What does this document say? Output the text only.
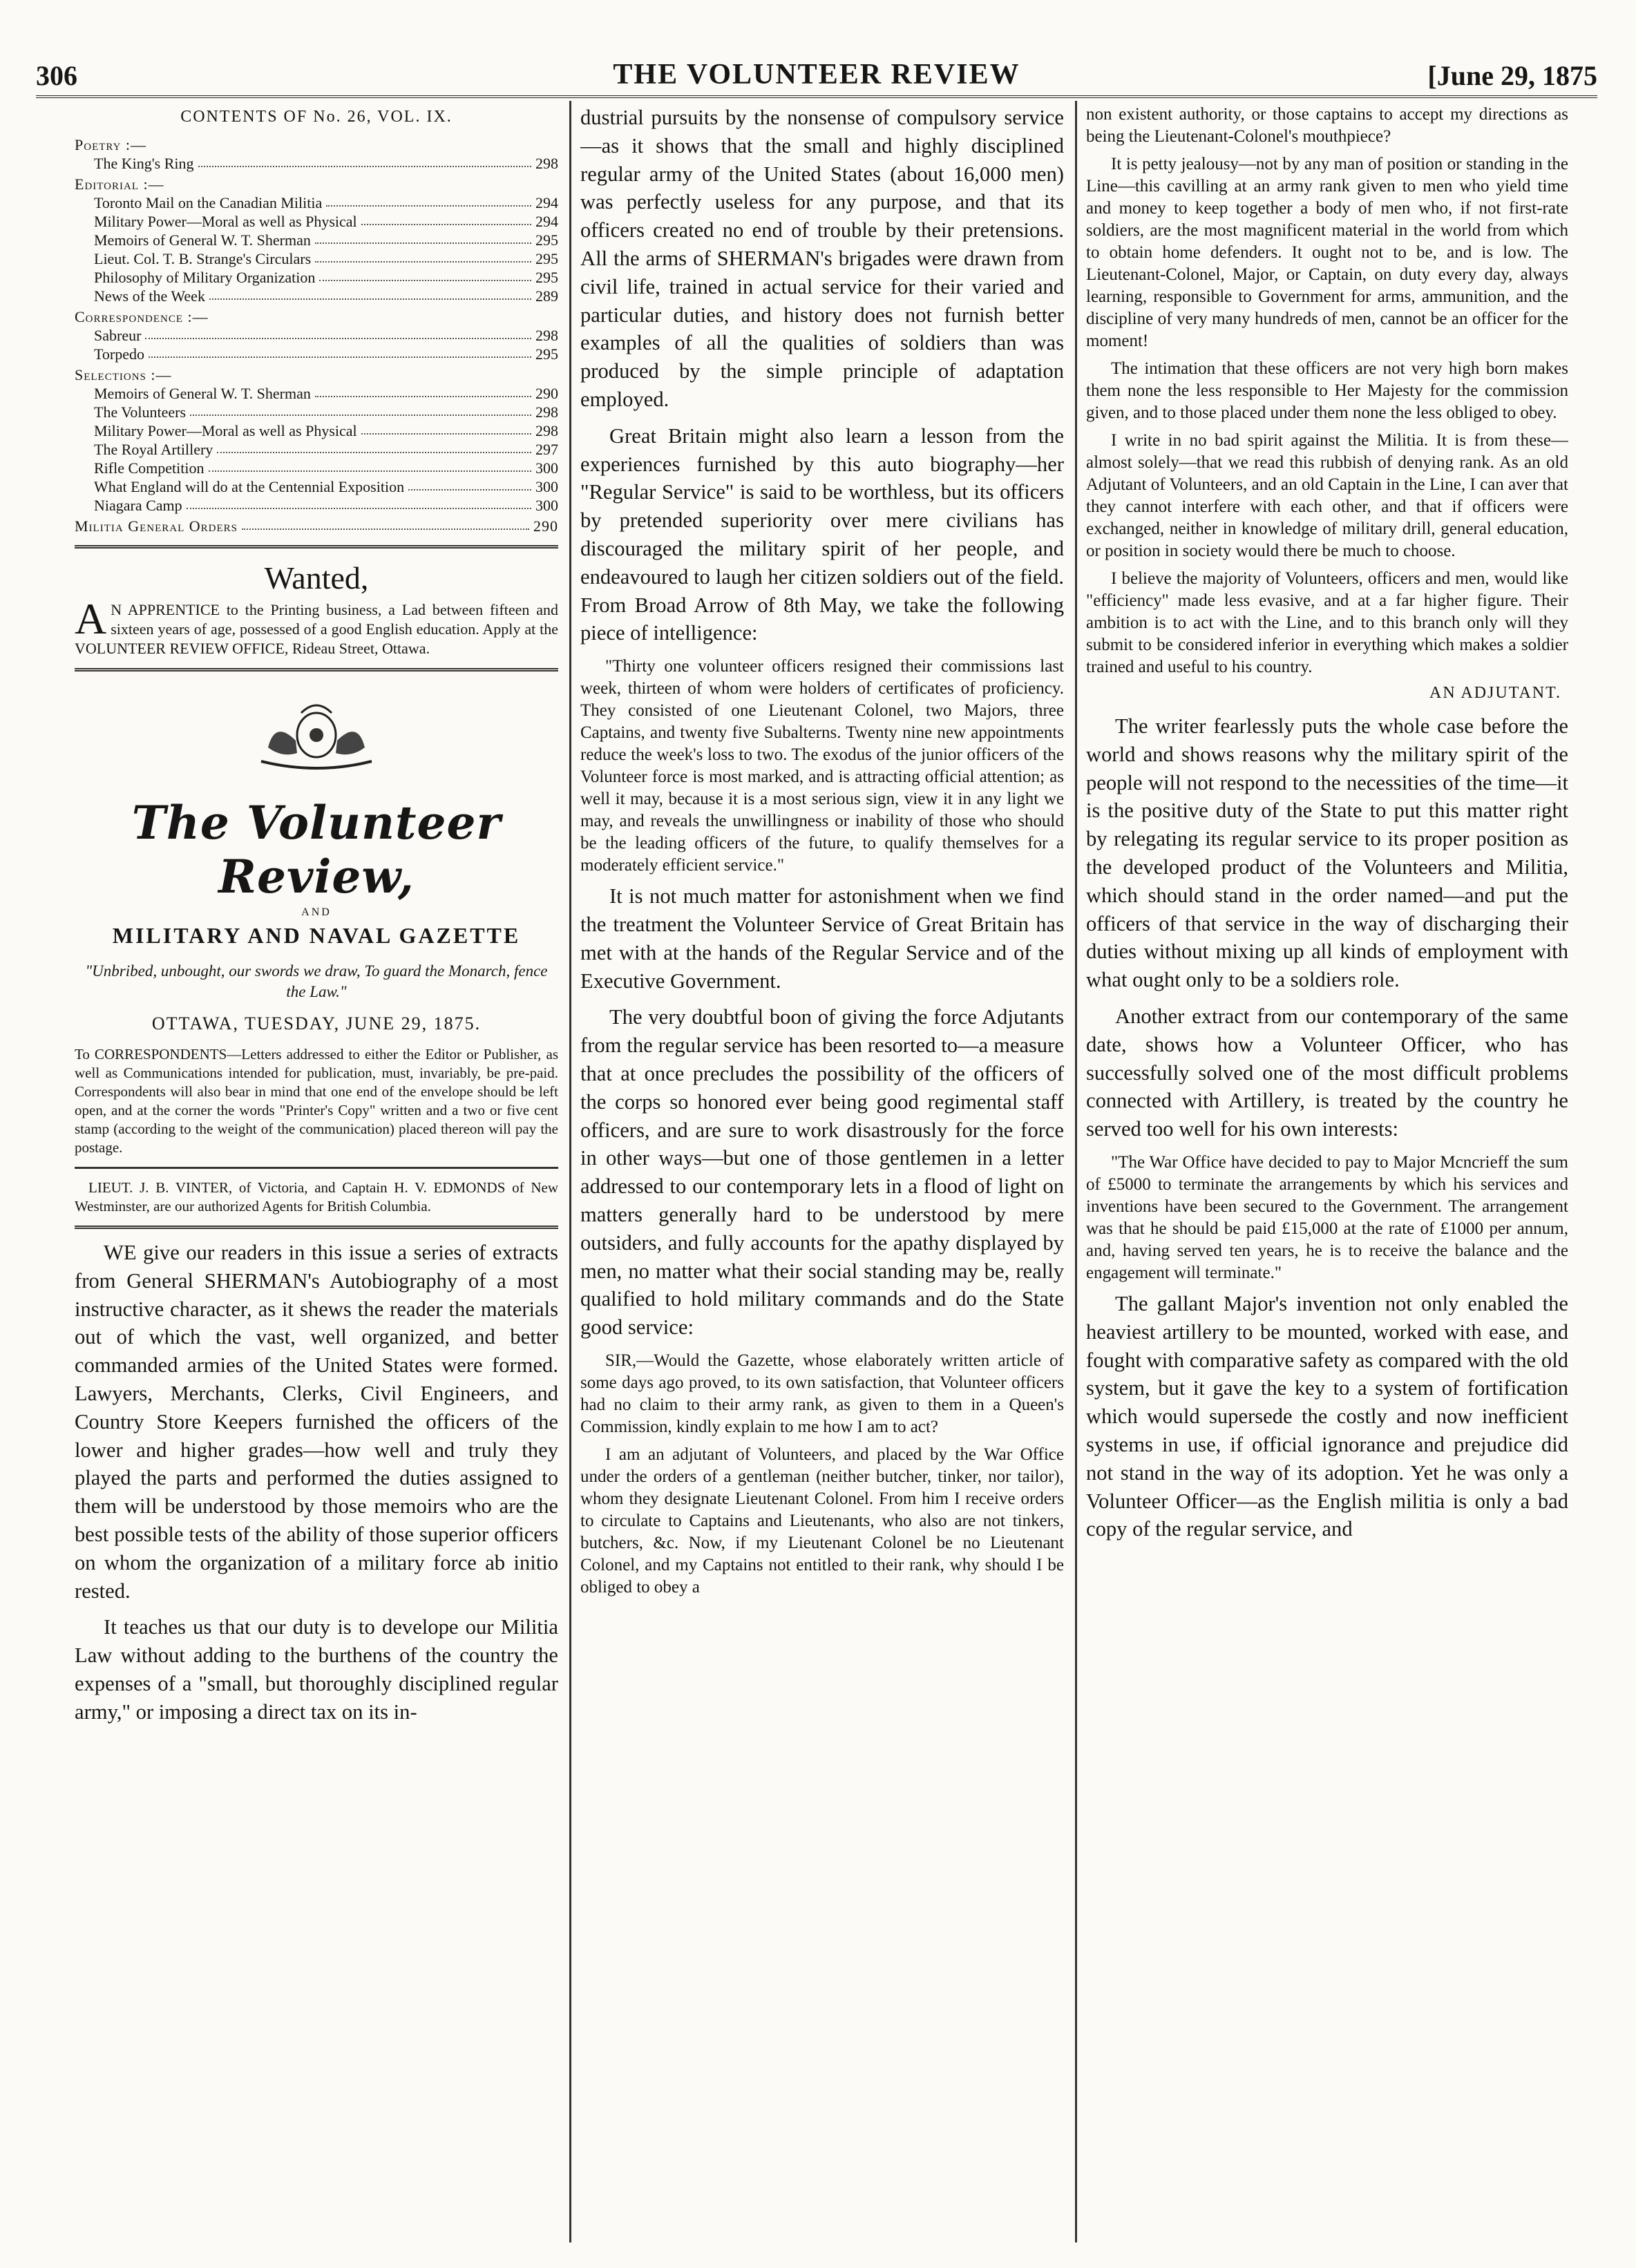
306	THE VOLUNTEER REVIEW	[June 29, 1875
CONTENTS OF No. 26, VOL. IX.
Poetry :—
The King's Ring	298
Editorial :—
Toronto Mail on the Canadian Militia	294
Military Power—Moral as well as Physical	294
Memoirs of General W. T. Sherman	295
Lieut. Col. T. B. Strange's Circulars	295
Philosophy of Military Organization	295
News of the Week	289
Correspondence :—
Sabreur	298
Torpedo	295
Selections :—
Memoirs of General W. T. Sherman	290
The Volunteers	298
Military Power—Moral as well as Physical	298
The Royal Artillery	297
Rifle Competition	300
What England will do at the Centennial Exposition	300
Niagara Camp	300
Militia General Orders	290
Wanted,
A N APPRENTICE to the Printing business, a Lad between fifteen and sixteen years of age, possessed of a good English education. Apply at the VOLUNTEER REVIEW OFFICE, Rideau Street, Ottawa.
The Volunteer Review,
AND
MILITARY AND NAVAL GAZETTE
"Unbribed, unbought, our swords we draw, To guard the Monarch, fence the Law."
OTTAWA, TUESDAY, JUNE 29, 1875.
To CORRESPONDENTS—Letters addressed to either the Editor or Publisher, as well as Communications intended for publication, must, invariably, be pre-paid. Correspondents will also bear in mind that one end of the envelope should be left open, and at the corner the words "Printer's Copy" written and a two or five cent stamp (according to the weight of the communication) placed thereon will pay the postage.
LIEUT. J. B. VINTER, of Victoria, and Captain H. V. EDMONDS of New Westminster, are our authorized Agents for British Columbia.

WE give our readers in this issue a series of extracts from General SHERMAN's Autobiography of a most instructive character, as it shews the reader the materials out of which the vast, well organized, and better commanded armies of the United States were formed. Lawyers, Merchants, Clerks, Civil Engineers, and Country Store Keepers furnished the officers of the lower and higher grades—how well and truly they played the parts and performed the duties assigned to them will be understood by those memoirs who are the best possible tests of the ability of those superior officers on whom the organization of a military force ab initio rested.

It teaches us that our duty is to develope our Militia Law without adding to the burthens of the country the expenses of a "small, but thoroughly disciplined regular army," or imposing a direct tax on its in-

dustrial pursuits by the nonsense of compulsory service—as it shows that the small and highly disciplined regular army of the United States (about 16,000 men) was perfectly useless for any purpose, and that its officers created no end of trouble by their pretensions. All the arms of SHERMAN's brigades were drawn from civil life, trained in actual service for their varied and particular duties, and history does not furnish better examples of all the qualities of soldiers than was produced by the simple principle of adaptation employed.

Great Britain might also learn a lesson from the experiences furnished by this auto biography—her "Regular Service" is said to be worthless, but its officers by pretended superiority over mere civilians has discouraged the military spirit of her people, and endeavoured to laugh her citizen soldiers out of the field. From Broad Arrow of 8th May, we take the following piece of intelligence:

"Thirty one volunteer officers resigned their commissions last week, thirteen of whom were holders of certificates of proficiency. They consisted of one Lieutenant Colonel, two Majors, three Captains, and twenty five Subalterns. Twenty nine new appointments reduce the week's loss to two. The exodus of the junior officers of the Volunteer force is most marked, and is attracting official attention; as well it may, because it is a most serious sign, view it in any light we may, and reveals the unwillingness or inability of those who should be the leading officers of the future, to qualify themselves for a moderately efficient service."

It is not much matter for astonishment when we find the treatment the Volunteer Service of Great Britain has met with at the hands of the Regular Service and of the Executive Government.

The very doubtful boon of giving the force Adjutants from the regular service has been resorted to—a measure that at once precludes the possibility of the officers of the corps so honored ever being good regimental staff officers, and are sure to work disastrously for the force in other ways—but one of those gentlemen in a letter addressed to our contemporary lets in a flood of light on matters generally hard to be understood by mere outsiders, and fully accounts for the apathy displayed by men, no matter what their social standing may be, really qualified to hold military commands and do the State good service:

SIR,—Would the Gazette, whose elaborately written article of some days ago proved, to its own satisfaction, that Volunteer officers had no claim to their army rank, as given to them in a Queen's Commission, kindly explain to me how I am to act?

I am an adjutant of Volunteers, and placed by the War Office under the orders of a gentleman (neither butcher, tinker, nor tailor), whom they designate Lieutenant Colonel. From him I receive orders to circulate to Captains and Lieutenants, who also are not tinkers, butchers, &c. Now, if my Lieutenant Colonel be no Lieutenant Colonel, and my Captains not entitled to their rank, why should I be obliged to obey a

non existent authority, or those captains to accept my directions as being the Lieutenant-Colonel's mouthpiece?

It is petty jealousy—not by any man of position or standing in the Line—this cavilling at an army rank given to men who yield time and money to keep together a body of men who, if not first-rate soldiers, are the most magnificent material in the world from which to obtain home defenders. It ought not to be, and is low. The Lieutenant-Colonel, Major, or Captain, on duty every day, always learning, responsible to Government for arms, ammunition, and the discipline of very many hundreds of men, cannot be an officer for the moment!

The intimation that these officers are not very high born makes them none the less responsible to Her Majesty for the commission given, and to those placed under them none the less obliged to obey.

I write in no bad spirit against the Militia. It is from these—almost solely—that we read this rubbish of denying rank. As an old Adjutant of Volunteers, and an old Captain in the Line, I can aver that they cannot interfere with each other, and that if officers were exchanged, neither in knowledge of military drill, general education, or position in society would there be much to choose.

I believe the majority of Volunteers, officers and men, would like "efficiency" made less evasive, and at a far higher figure. Their ambition is to act with the Line, and to this branch only will they submit to be considered inferior in everything which makes a soldier trained and useful to his country.

AN ADJUTANT.

The writer fearlessly puts the whole case before the world and shows reasons why the military spirit of the people will not respond to the necessities of the time—it is the positive duty of the State to put this matter right by relegating its regular service to its proper position as the developed product of the Volunteers and Militia, which should stand in the order named—and put the officers of that service in the way of discharging their duties without mixing up all kinds of employment with what ought only to be a soldiers role.

Another extract from our contemporary of the same date, shows how a Volunteer Officer, who has successfully solved one of the most difficult problems connected with Artillery, is treated by the country he served too well for his own interests:

"The War Office have decided to pay to Major Mcncrieff the sum of £5000 to terminate the arrangements by which his services and inventions have been secured to the Government. The arrangement was that he should be paid £15,000 at the rate of £1000 per annum, and, having served ten years, he is to receive the balance and the engagement will terminate."

The gallant Major's invention not only enabled the heaviest artillery to be mounted, worked with ease, and fought with comparative safety as compared with the old system, but it gave the key to a system of fortification which would supersede the costly and now inefficient systems in use, if official ignorance and prejudice did not stand in the way of its adoption. Yet he was only a Volunteer Officer—as the English militia is only a bad copy of the regular service, and
